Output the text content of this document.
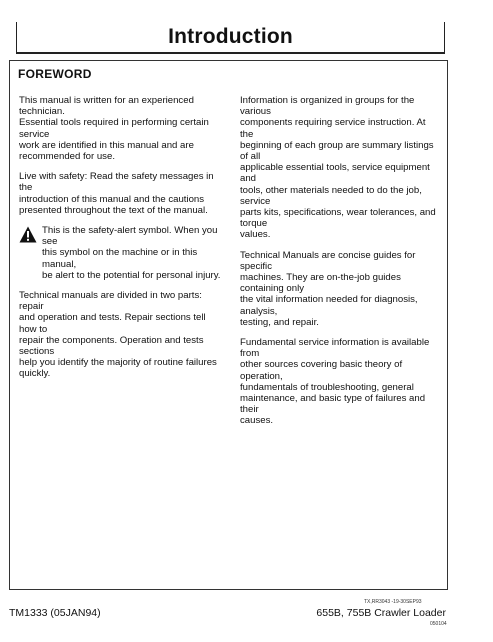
Introduction
FOREWORD

This manual is written for an experienced technician.
Essential tools required in performing certain service
work are identified in this manual and are
recommended for use.

Live with safety: Read the safety messages in the
introduction of this manual and the cautions
presented throughout the text of the manual.

This is the safety-alert symbol. When you see
this symbol on the machine or in this manual,
be alert to the potential for personal injury.

Technical manuals are divided in two parts: repair
and operation and tests. Repair sections tell how to
repair the components. Operation and tests sections
help you identify the majority of routine failures
quickly.

Information is organized in groups for the various
components requiring service instruction. At the
beginning of each group are summary listings of all
applicable essential tools, service equipment and
tools, other materials needed to do the job, service
parts kits, specifications, wear tolerances, and torque
values.

Technical Manuals are concise guides for specific
machines. They are on-the-job guides containing only
the vital information needed for diagnosis, analysis,
testing, and repair.

Fundamental service information is available from
other sources covering basic theory of operation,
fundamentals of troubleshooting, general
maintenance, and basic type of failures and their
causes.

TX,RR3043 -19-30SEP93
TM1333 (05JAN94)	655B, 755B Crawler Loader
050104
